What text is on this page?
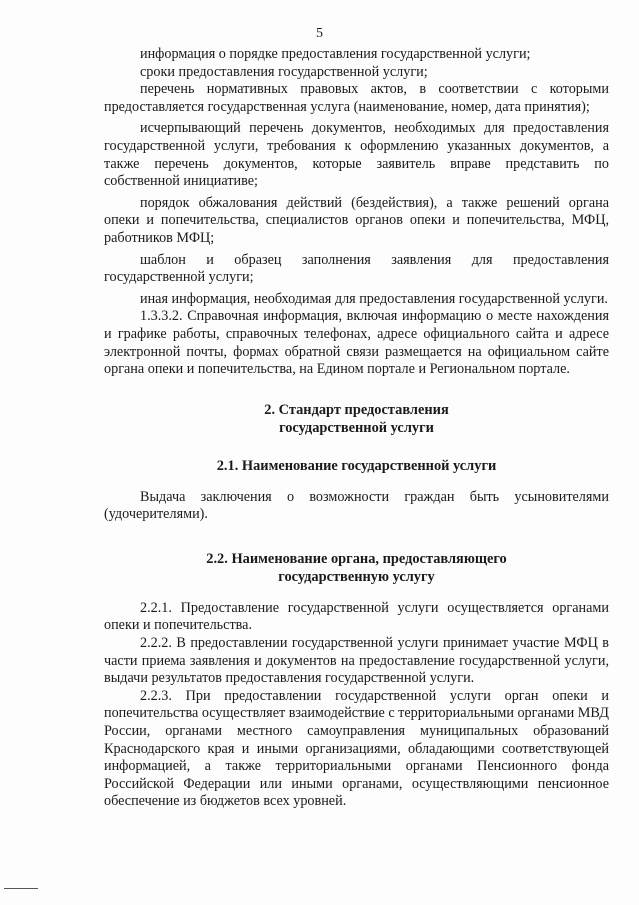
5

информация о порядке предоставления государственной услуги;

сроки предоставления государственной услуги;

перечень нормативных правовых актов, в соответствии с которыми предоставляется государственная услуга (наименование, номер, дата принятия);

исчерпывающий перечень документов, необходимых для предоставления государственной услуги, требования к оформлению указанных документов, а также перечень документов, которые заявитель вправе представить по собственной инициативе;

порядок обжалования действий (бездействия), а также решений органа опеки и попечительства, специалистов органов опеки и попечительства, МФЦ, работников МФЦ;

шаблон и образец заполнения заявления для предоставления государственной услуги;

иная информация, необходимая для предоставления государственной услуги.

1.3.3.2. Справочная информация, включая информацию о месте нахождения и графике работы, справочных телефонах, адресе официального сайта и адресе электронной почты, формах обратной связи размещается на официальном сайте органа опеки и попечительства, на Едином портале и Региональном портале.

2. Стандарт предоставления

государственной услуги

2.1. Наименование государственной услуги

Выдача заключения о возможности граждан быть усыновителями (удочерителями).

2.2. Наименование органа, предоставляющего

государственную услугу

2.2.1. Предоставление государственной услуги осуществляется органами опеки и попечительства.

2.2.2. В предоставлении государственной услуги принимает участие МФЦ в части приема заявления и документов на предоставление государственной услуги, выдачи результатов предоставления государственной услуги.

2.2.3. При предоставлении государственной услуги орган опеки и попечительства осуществляет взаимодействие с территориальными органами МВД России, органами местного самоуправления муниципальных образований Краснодарского края и иными организациями, обладающими соответствующей информацией, а также территориальными органами Пенсионного фонда Российской Федерации или иными органами, осуществляющими пенсионное обеспечение из бюджетов всех уровней.
